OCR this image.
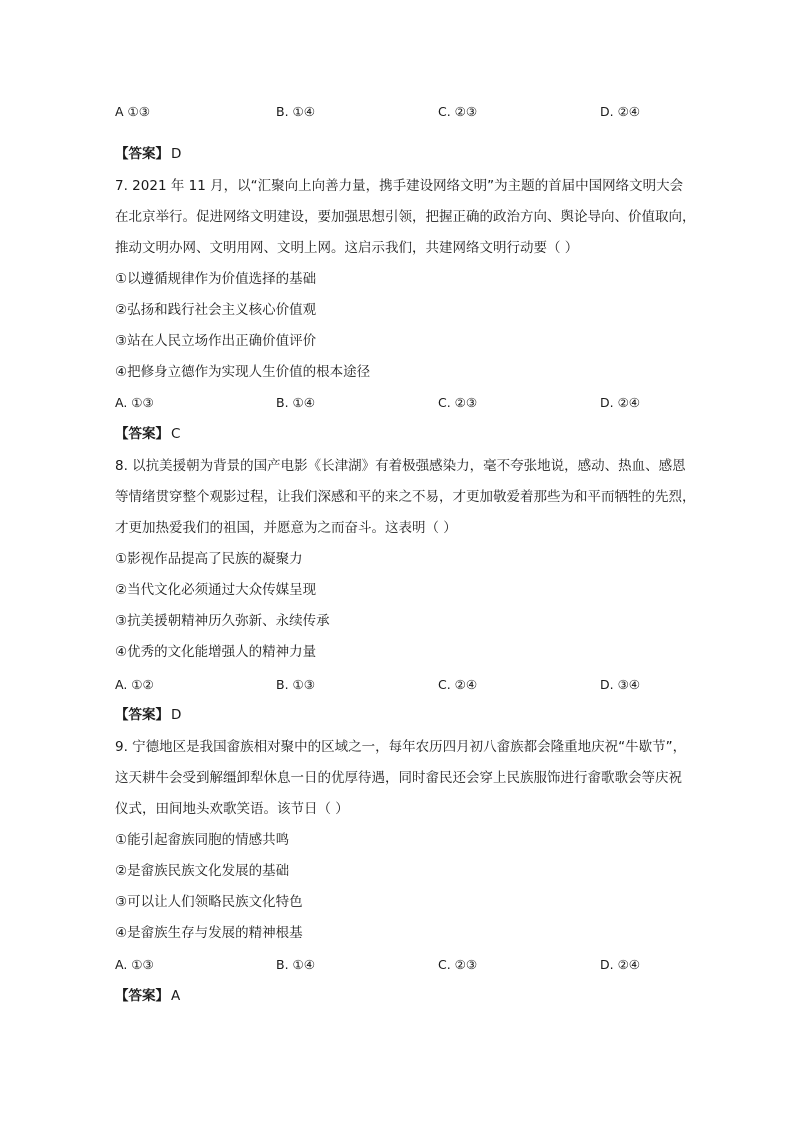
A ①③	B. ①④	C. ②③	D. ②④
【答案】 D
7. 2021 年 11 月，以“汇聚向上向善力量，携手建设网络文明”为主题的首届中国网络文明大会
在北京举行。促进网络文明建设，要加强思想引领，把握正确的政治方向、舆论导向、价值取向，
推动文明办网、文明用网、文明上网。这启示我们，共建网络文明行动要（ ）
①以遵循规律作为价值选择的基础
②弘扬和践行社会主义核心价值观
③站在人民立场作出正确价值评价
④把修身立德作为实现人生价值的根本途径
A. ①③	B. ①④	C. ②③	D. ②④
【答案】 C
8. 以抗美援朝为背景的国产电影《长津湖》有着极强感染力，毫不夸张地说，感动、热血、感恩
等情绪贯穿整个观影过程，让我们深感和平的来之不易，才更加敬爱着那些为和平而牺牲的先烈，
才更加热爱我们的祖国，并愿意为之而奋斗。这表明（ ）
①影视作品提高了民族的凝聚力
②当代文化必须通过大众传媒呈现
③抗美援朝精神历久弥新、永续传承
④优秀的文化能增强人的精神力量
A. ①②	B. ①③	C. ②④	D. ③④
【答案】 D
9. 宁德地区是我国畲族相对聚中的区域之一，每年农历四月初八畲族都会隆重地庆祝“牛歇节”，
这天耕牛会受到解缰卸犁休息一日的优厚待遇，同时畲民还会穿上民族服饰进行畲歌歌会等庆祝
仪式，田间地头欢歌笑语。该节日（ ）
①能引起畲族同胞的情感共鸣
②是畲族民族文化发展的基础
③可以让人们领略民族文化特色
④是畲族生存与发展的精神根基
A. ①③	B. ①④	C. ②③	D. ②④
【答案】 A
